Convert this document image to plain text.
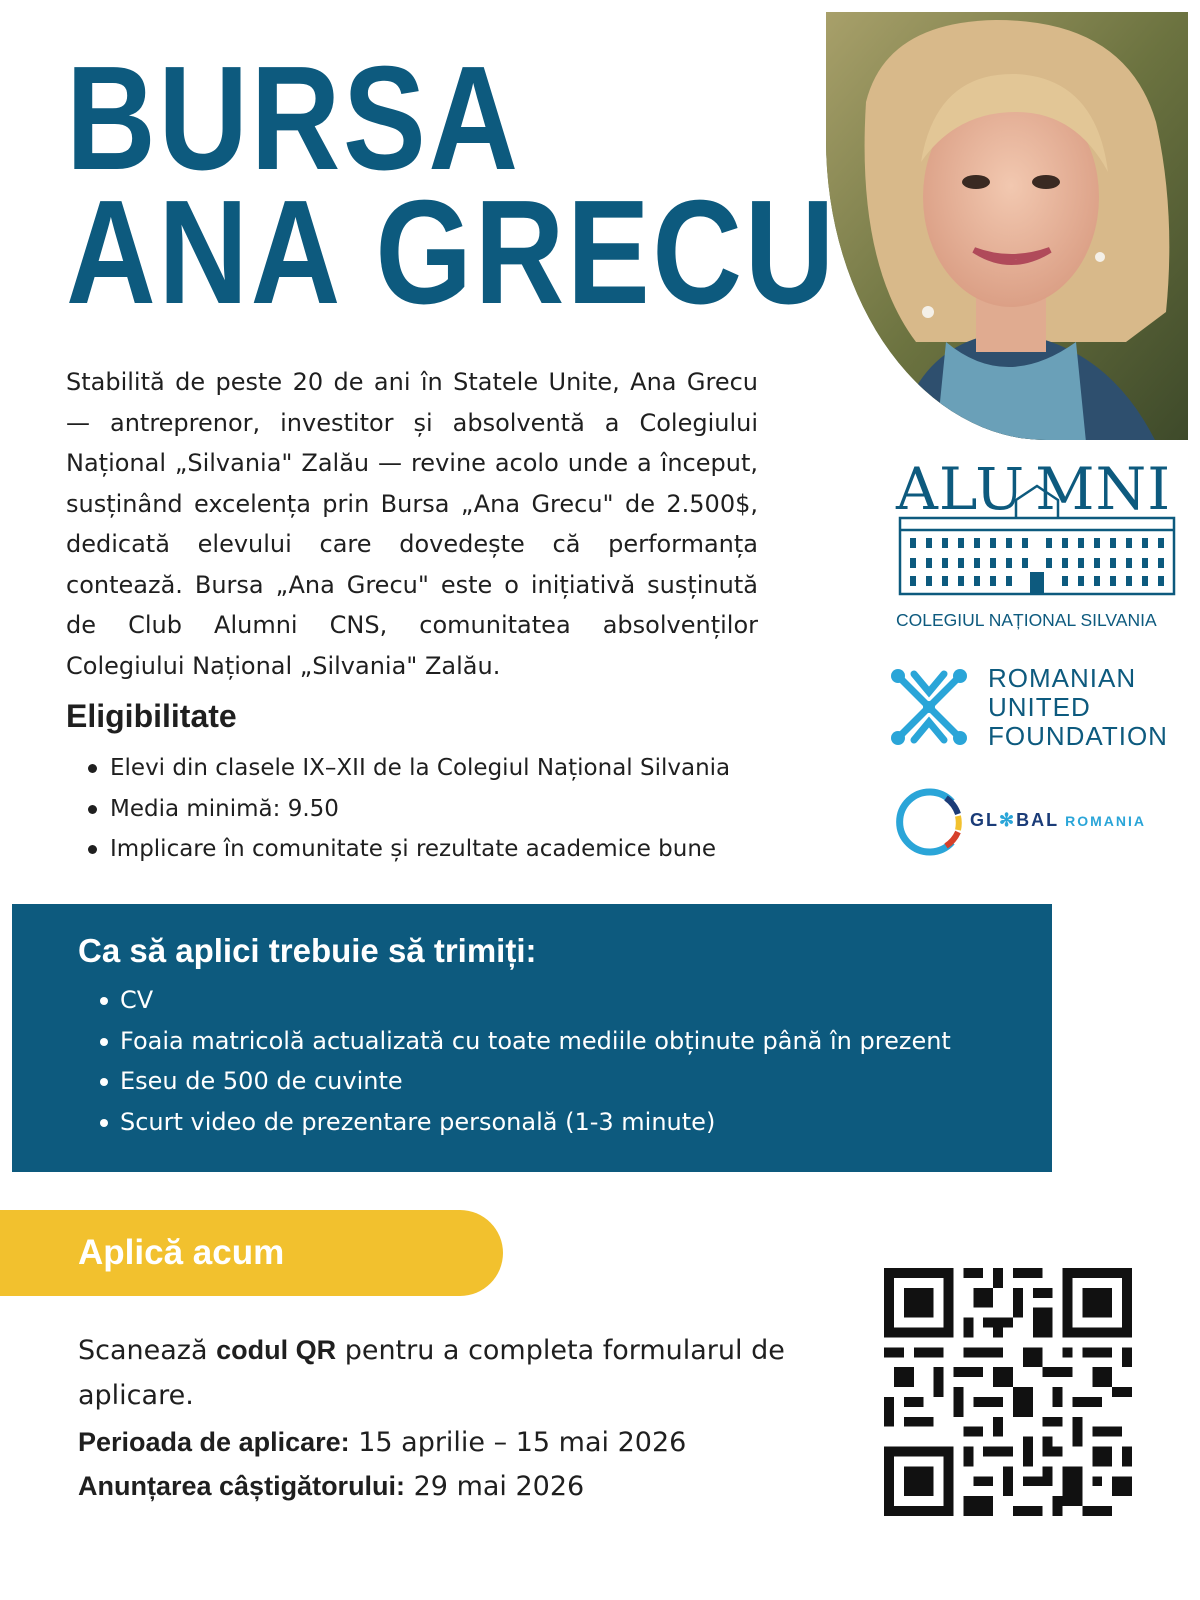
BURSA
ANA GRECU

Stabilită de peste 20 de ani în Statele Unite, Ana Grecu — antreprenor, investitor și absolventă a Colegiului Național „Silvania" Zalău — revine acolo unde a început, susținând excelența prin Bursa „Ana Grecu" de 2.500$, dedicată elevului care dovedește că performanța contează. Bursa „Ana Grecu" este o inițiativă susținută de Club Alumni CNS, comunitatea absolvenților Colegiului Național „Silvania" Zalău.

Eligibilitate
Elevi din clasele IX–XII de la Colegiul Național Silvania
Media minimă: 9.50
Implicare în comunitate și rezultate academice bune
ALU MNI
COLEGIUL NAȚIONAL SILVANIA
ROMANIAN
UNITED
FOUNDATION
GL✻BAL ROMANIA
Ca să aplici trebuie să trimiți:
CV
Foaia matricolă actualizată cu toate mediile obținute până în prezent
Eseu de 500 de cuvinte
Scurt video de prezentare personală (1-3 minute)
Aplică acum

Scanează codul QR pentru a completa formularul de aplicare.

Perioada de aplicare: 15 aprilie – 15 mai 2026

Anunțarea câștigătorului: 29 mai 2026
